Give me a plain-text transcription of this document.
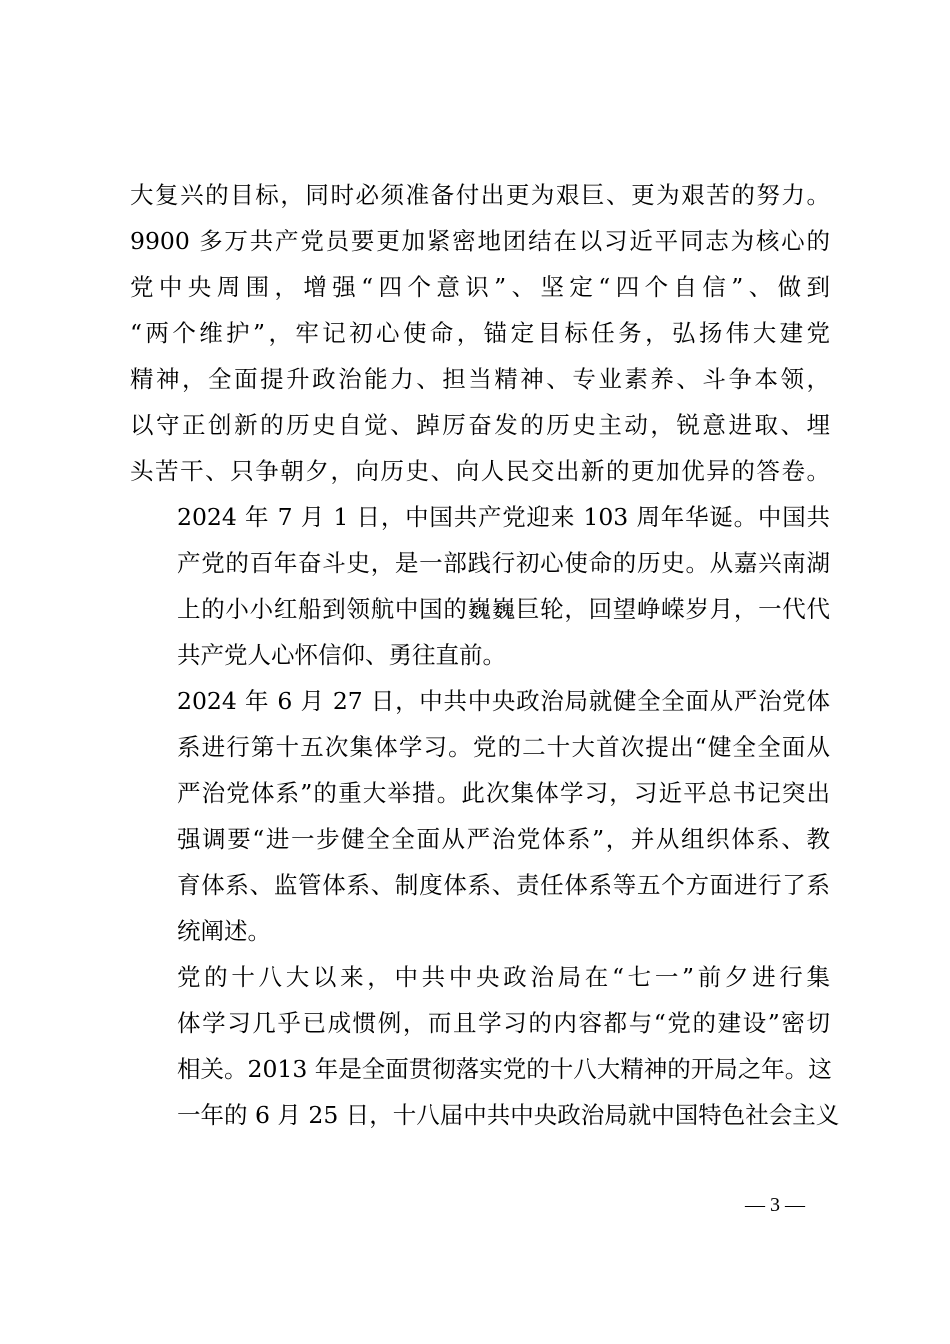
大复兴的目标，同时必须准备付出更为艰巨、更为艰苦的努力。
9900 多万共产党员要更加紧密地团结在以习近平同志为核心的
党中央周围，增强“四个意识”、坚定“四个自信”、做到
“两个维护”，牢记初心使命，锚定目标任务，弘扬伟大建党
精神，全面提升政治能力、担当精神、专业素养、斗争本领，
以守正创新的历史自觉、踔厉奋发的历史主动，锐意进取、埋
头苦干、只争朝夕，向历史、向人民交出新的更加优异的答卷。

2024 年 7 月 1 日，中国共产党迎来 103 周年华诞。中国共
产党的百年奋斗史，是一部践行初心使命的历史。从嘉兴南湖
上的小小红船到领航中国的巍巍巨轮，回望峥嵘岁月，一代代
共产党人心怀信仰、勇往直前。

2024 年 6 月 27 日，中共中央政治局就健全全面从严治党体
系进行第十五次集体学习。党的二十大首次提出“健全全面从
严治党体系”的重大举措。此次集体学习，习近平总书记突出
强调要“进一步健全全面从严治党体系”，并从组织体系、教
育体系、监管体系、制度体系、责任体系等五个方面进行了系
统阐述。

党的十八大以来，中共中央政治局在“七一”前夕进行集
体学习几乎已成惯例，而且学习的内容都与“党的建设”密切
相关。2013 年是全面贯彻落实党的十八大精神的开局之年。这
一年的 6 月 25 日，十八届中共中央政治局就中国特色社会主义

— 3 —
